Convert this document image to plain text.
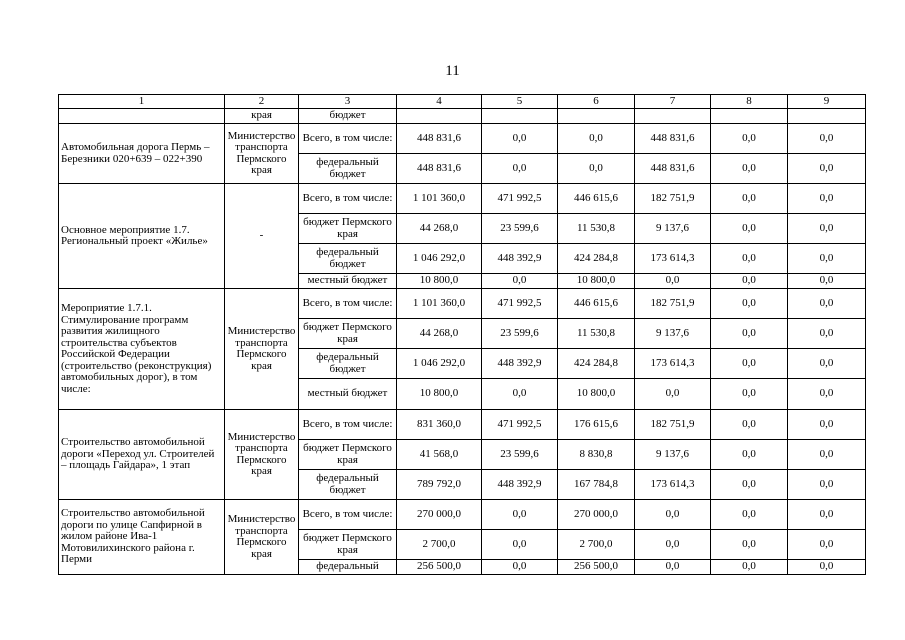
11
1	2	3	4	5	6	7	8	9
	края	бюджет						
Автомобильная дорога Пермь – Березники 020+639 – 022+390	Министерство транспорта Пермского края	Всего, в том числе:	448 831,6	0,0	0,0	448 831,6	0,0	0,0
		федеральный бюджет	448 831,6	0,0	0,0	448 831,6	0,0	0,0
Основное мероприятие 1.7. Региональный проект «Жилье»	-	Всего, в том числе:	1 101 360,0	471 992,5	446 615,6	182 751,9	0,0	0,0
		бюджет Пермского края	44 268,0	23 599,6	11 530,8	9 137,6	0,0	0,0
		федеральный бюджет	1 046 292,0	448 392,9	424 284,8	173 614,3	0,0	0,0
		местный бюджет	10 800,0	0,0	10 800,0	0,0	0,0	0,0
Мероприятие 1.7.1. Стимулирование программ развития жилищного строительства субъектов Российской Федерации (строительство (реконструкция) автомобильных дорог), в том числе:	Министерство транспорта Пермского края	Всего, в том числе:	1 101 360,0	471 992,5	446 615,6	182 751,9	0,0	0,0
		бюджет Пермского края	44 268,0	23 599,6	11 530,8	9 137,6	0,0	0,0
		федеральный бюджет	1 046 292,0	448 392,9	424 284,8	173 614,3	0,0	0,0
		местный бюджет	10 800,0	0,0	10 800,0	0,0	0,0	0,0
Строительство автомобильной дороги «Переход ул. Строителей – площадь Гайдара», 1 этап	Министерство транспорта Пермского края	Всего, в том числе:	831 360,0	471 992,5	176 615,6	182 751,9	0,0	0,0
		бюджет Пермского края	41 568,0	23 599,6	8 830,8	9 137,6	0,0	0,0
		федеральный бюджет	789 792,0	448 392,9	167 784,8	173 614,3	0,0	0,0
Строительство автомобильной дороги по улице Сапфирной в жилом районе Ива-1 Мотовилихинского района г. Перми	Министерство транспорта Пермского края	Всего, в том числе:	270 000,0	0,0	270 000,0	0,0	0,0	0,0
		бюджет Пермского края	2 700,0	0,0	2 700,0	0,0	0,0	0,0
		федеральный	256 500,0	0,0	256 500,0	0,0	0,0	0,0
